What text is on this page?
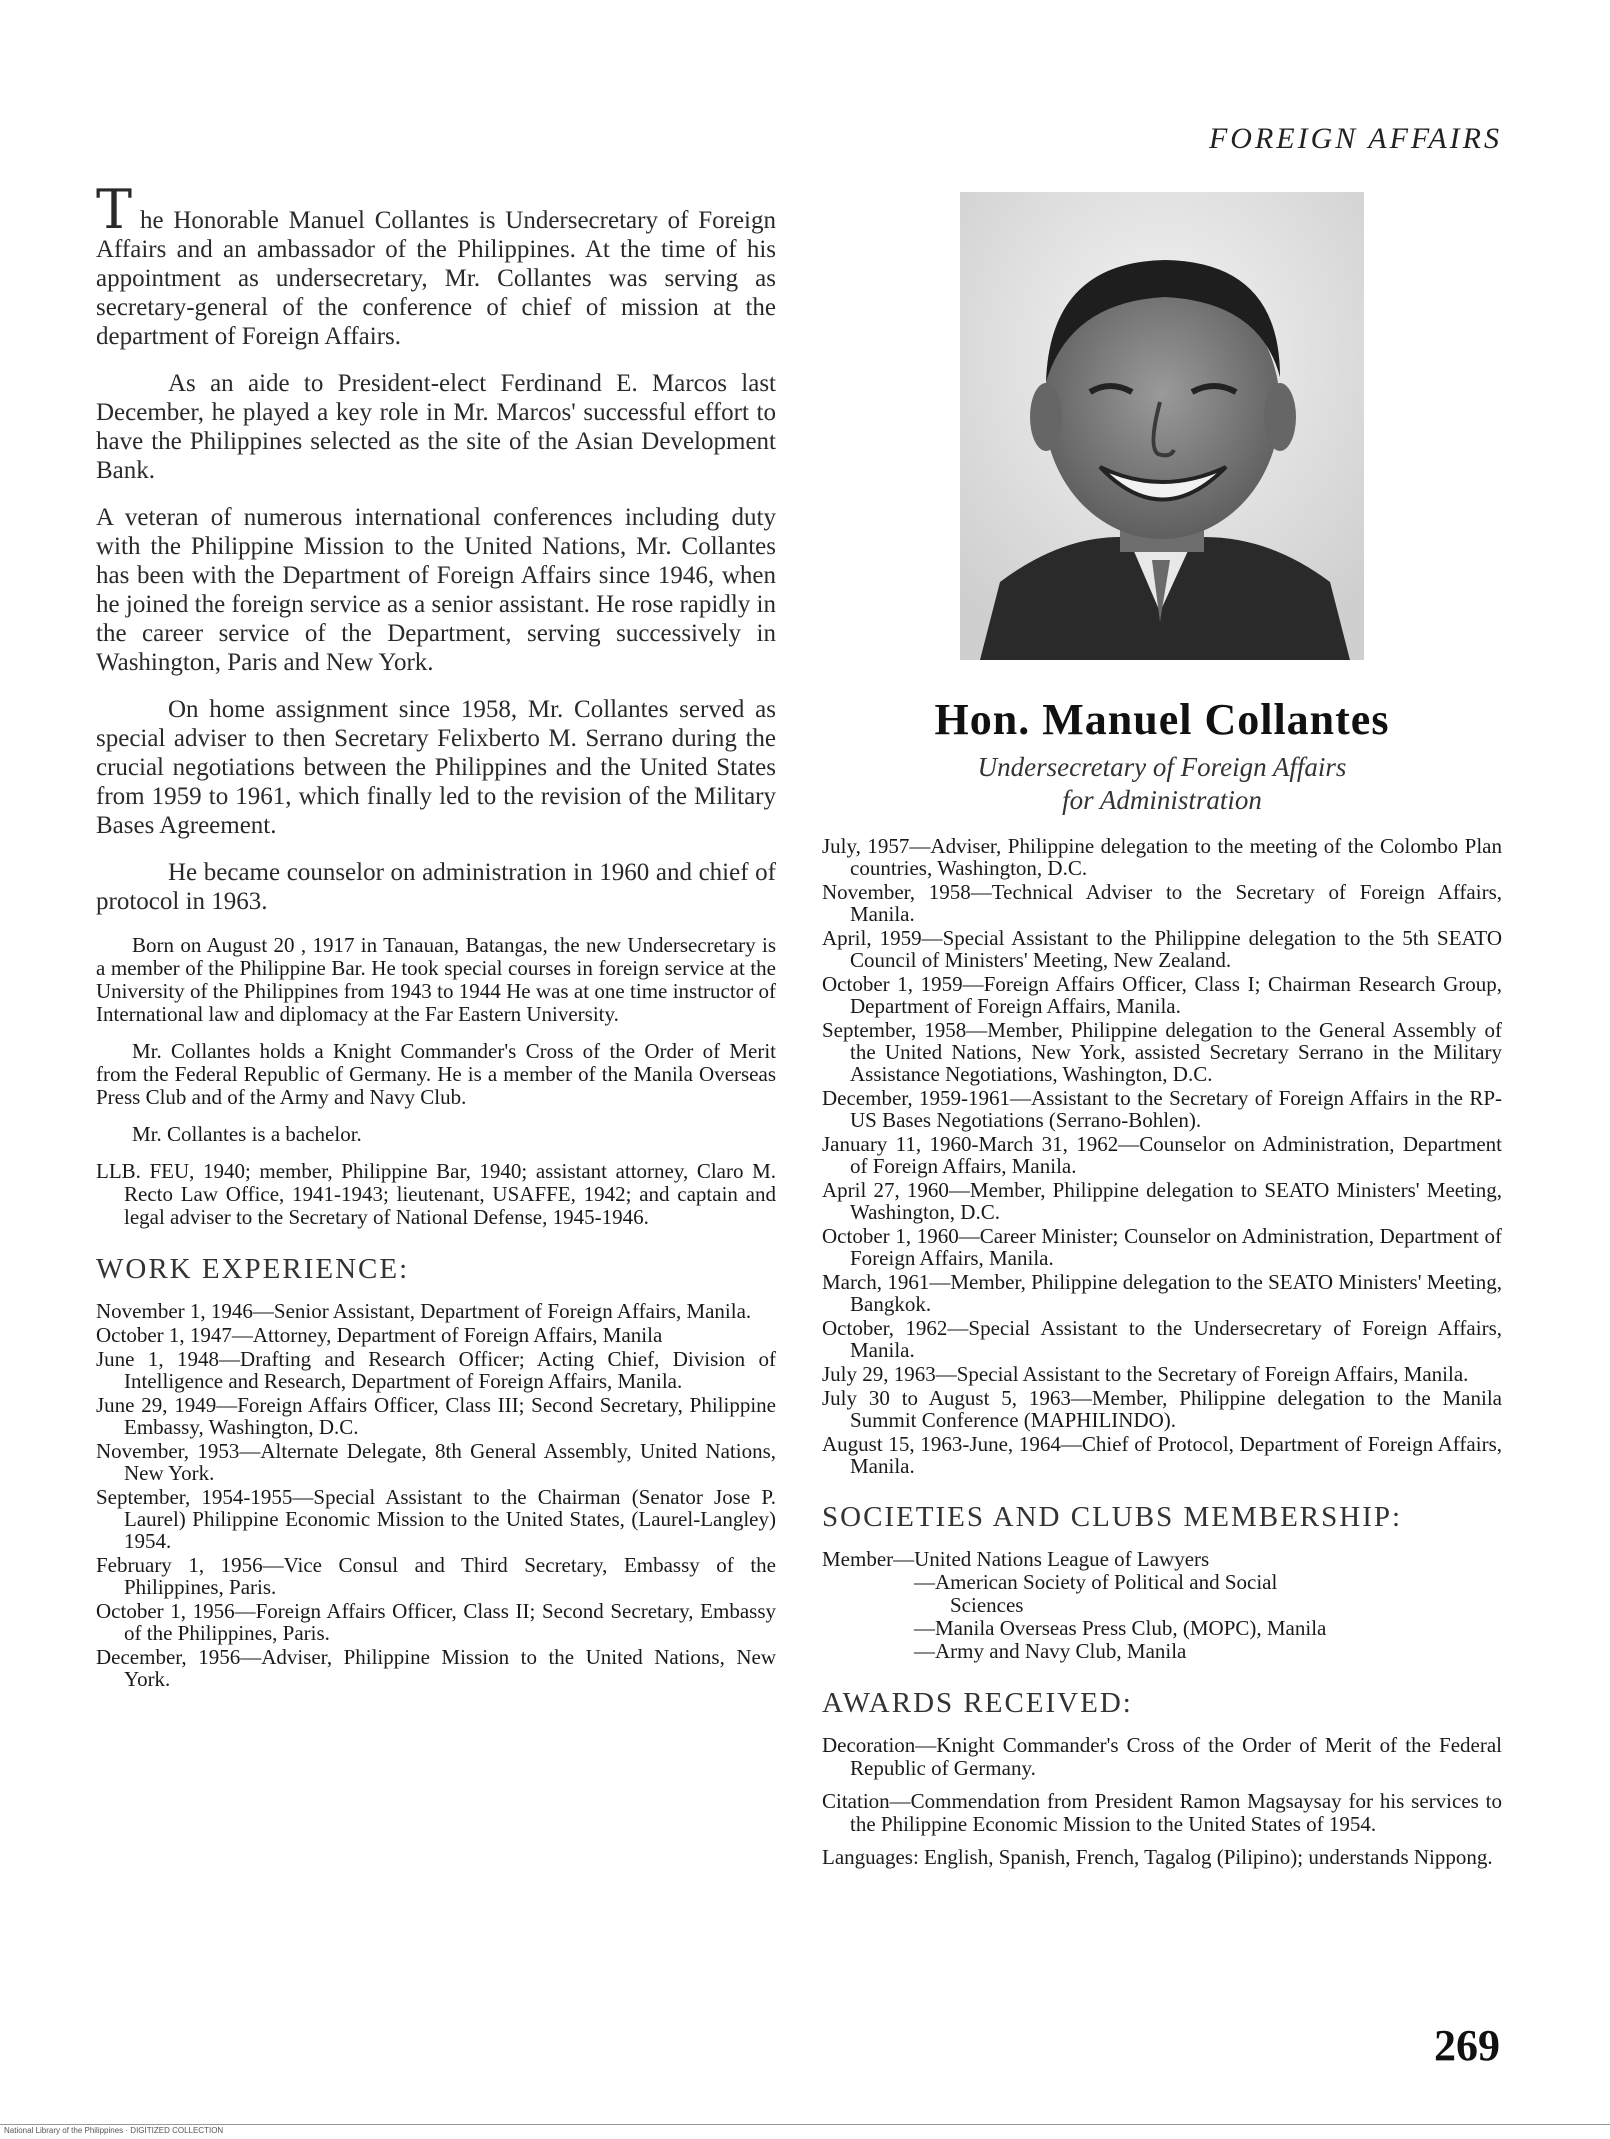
FOREIGN AFFAIRS

The Honorable Manuel Collantes is Undersecretary of Foreign Affairs and an ambassador of the Philippines. At the time of his appointment as undersecretary, Mr. Collantes was serving as secretary-general of the conference of chief of mission at the department of Foreign Affairs.

As an aide to President-elect Ferdinand E. Marcos last December, he played a key role in Mr. Marcos' successful effort to have the Philippines selected as the site of the Asian Development Bank.

A veteran of numerous international conferences including duty with the Philippine Mission to the United Nations, Mr. Collantes has been with the Department of Foreign Affairs since 1946, when he joined the foreign service as a senior assistant. He rose rapidly in the career service of the Department, serving successively in Washington, Paris and New York.

On home assignment since 1958, Mr. Collantes served as special adviser to then Secretary Felixberto M. Serrano during the crucial negotiations between the Philippines and the United States from 1959 to 1961, which finally led to the revision of the Military Bases Agreement.

He became counselor on administration in 1960 and chief of protocol in 1963.

Born on August 20 , 1917 in Tanauan, Batangas, the new Undersecretary is a member of the Philippine Bar. He took special courses in foreign service at the University of the Philippines from 1943 to 1944 He was at one time instructor of International law and diplomacy at the Far Eastern University.

Mr. Collantes holds a Knight Commander's Cross of the Order of Merit from the Federal Republic of Germany. He is a member of the Manila Overseas Press Club and of the Army and Navy Club.

Mr. Collantes is a bachelor.

LLB. FEU, 1940; member, Philippine Bar, 1940; assistant attorney, Claro M. Recto Law Office, 1941-1943; lieutenant, USAFFE, 1942; and captain and legal adviser to the Secretary of National Defense, 1945-1946.

WORK EXPERIENCE:
November 1, 1946—Senior Assistant, Department of Foreign Affairs, Manila.
October 1, 1947—Attorney, Department of Foreign Affairs, Manila
June 1, 1948—Drafting and Research Officer; Acting Chief, Division of Intelligence and Research, Department of Foreign Affairs, Manila.
June 29, 1949—Foreign Affairs Officer, Class III; Second Secretary, Philippine Embassy, Washington, D.C.
November, 1953—Alternate Delegate, 8th General Assembly, United Nations, New York.
September, 1954-1955—Special Assistant to the Chairman (Senator Jose P. Laurel) Philippine Economic Mission to the United States, (Laurel-Langley) 1954.
February 1, 1956—Vice Consul and Third Secretary, Embassy of the Philippines, Paris.
October 1, 1956—Foreign Affairs Officer, Class II; Second Secretary, Embassy of the Philippines, Paris.
December, 1956—Adviser, Philippine Mission to the United Nations, New York.
Hon. Manuel Collantes
Undersecretary of Foreign Affairs
for Administration
July, 1957—Adviser, Philippine delegation to the meeting of the Colombo Plan countries, Washington, D.C.
November, 1958—Technical Adviser to the Secretary of Foreign Affairs, Manila.
April, 1959—Special Assistant to the Philippine delegation to the 5th SEATO Council of Ministers' Meeting, New Zealand.
October 1, 1959—Foreign Affairs Officer, Class I; Chairman Research Group, Department of Foreign Affairs, Manila.
September, 1958—Member, Philippine delegation to the General Assembly of the United Nations, New York, assisted Secretary Serrano in the Military Assistance Negotiations, Washington, D.C.
December, 1959-1961—Assistant to the Secretary of Foreign Affairs in the RP-US Bases Negotiations (Serrano-Bohlen).
January 11, 1960-March 31, 1962—Counselor on Administration, Department of Foreign Affairs, Manila.
April 27, 1960—Member, Philippine delegation to SEATO Ministers' Meeting, Washington, D.C.
October 1, 1960—Career Minister; Counselor on Administration, Department of Foreign Affairs, Manila.
March, 1961—Member, Philippine delegation to the SEATO Ministers' Meeting, Bangkok.
October, 1962—Special Assistant to the Undersecretary of Foreign Affairs, Manila.
July 29, 1963—Special Assistant to the Secretary of Foreign Affairs, Manila.
July 30 to August 5, 1963—Member, Philippine delegation to the Manila Summit Conference (MAPHILINDO).
August 15, 1963-June, 1964—Chief of Protocol, Department of Foreign Affairs, Manila.
SOCIETIES AND CLUBS MEMBERSHIP:
Member—United Nations League of Lawyers
—American Society of Political and Social
Sciences
—Manila Overseas Press Club, (MOPC), Manila
—Army and Navy Club, Manila
AWARDS RECEIVED:
Decoration—Knight Commander's Cross of the Order of Merit of the Federal Republic of Germany.
Citation—Commendation from President Ramon Magsaysay for his services to the Philippine Economic Mission to the United States of 1954.
Languages: English, Spanish, French, Tagalog (Pilipino); understands Nippong.
269
National Library of the Philippines · DIGITIZED COLLECTION
